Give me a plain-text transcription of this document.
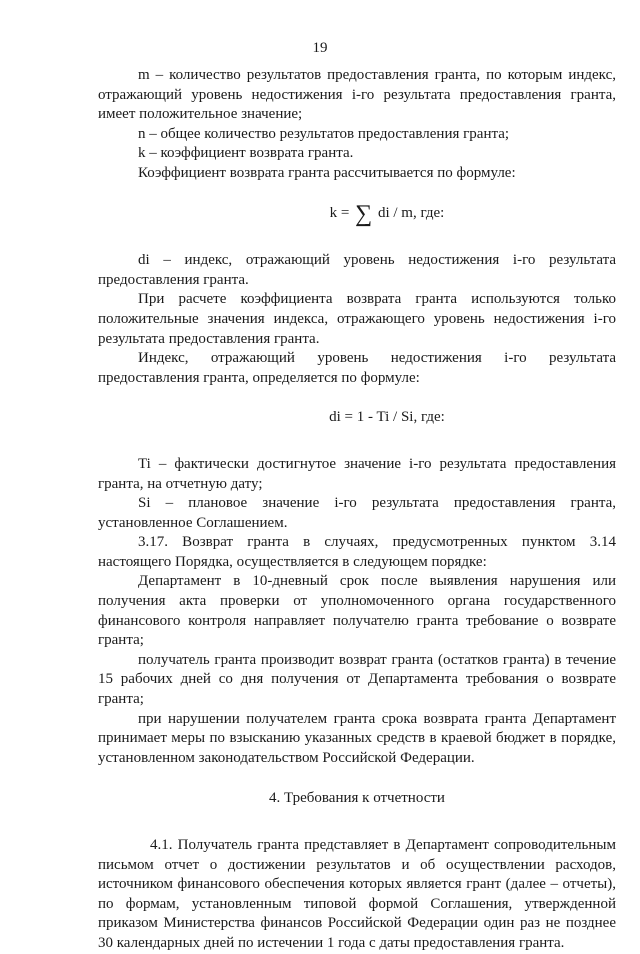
19

m – количество результатов предоставления гранта, по которым индекс, отражающий уровень недостижения i-го результата предоставления гранта, имеет положительное значение;

n – общее количество результатов предоставления гранта;

k – коэффициент возврата гранта.

Коэффициент возврата гранта рассчитывается по формуле:

k = ∑ di / m, где:

di – индекс, отражающий уровень недостижения i-го результата предоставления гранта.

При расчете коэффициента возврата гранта используются только положительные значения индекса, отражающего уровень недостижения i-го результата предоставления гранта.

Индекс, отражающий уровень недостижения i-го результата предоставления гранта, определяется по формуле:

di = 1 - Ti / Si, где:

Ti – фактически достигнутое значение i-го результата предоставления гранта, на отчетную дату;

Si – плановое значение i-го результата предоставления гранта, установленное Соглашением.

3.17. Возврат гранта в случаях, предусмотренных пунктом 3.14 настоящего Порядка, осуществляется в следующем порядке:

Департамент в 10-дневный срок после выявления нарушения или получения акта проверки от уполномоченного органа государственного финансового контроля направляет получателю гранта требование о возврате гранта;

получатель гранта производит возврат гранта (остатков гранта) в течение 15 рабочих дней со дня получения от Департамента требования о возврате гранта;

при нарушении получателем гранта срока возврата гранта Департамент принимает меры по взысканию указанных средств в краевой бюджет в порядке, установленном законодательством Российской Федерации.

4. Требования к отчетности

4.1. Получатель гранта представляет в Департамент сопроводительным письмом отчет о достижении результатов и об осуществлении расходов, источником финансового обеспечения которых является грант (далее – отчеты), по формам, установленным типовой формой Соглашения, утвержденной приказом Министерства финансов Российской Федерации один раз не позднее 30 календарных дней по истечении 1 года с даты предоставления гранта.
